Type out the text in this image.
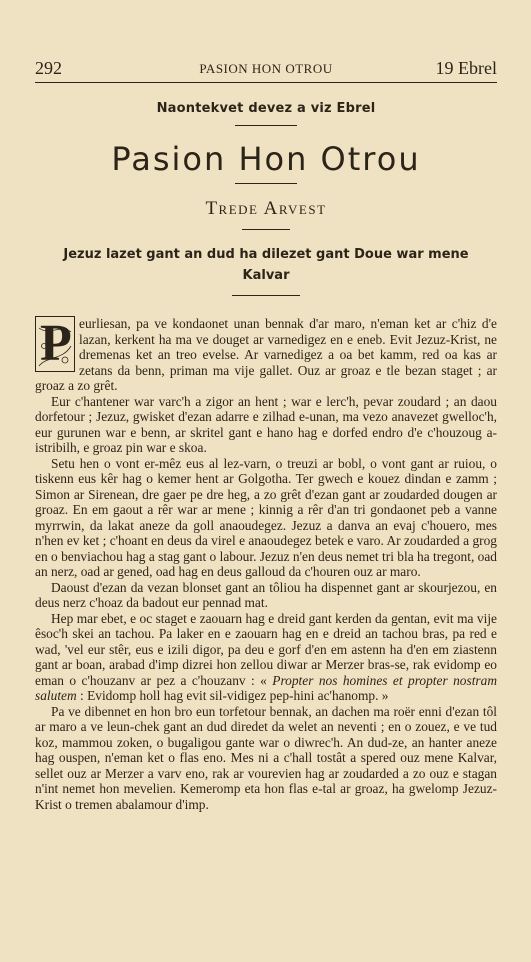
292	PASION HON OTROU	19 Ebrel
Naontekvet devez a viz Ebrel
Pasion Hon Otrou
Trede Arvest
Jezuz lazet gant an dud ha dilezet gant Doue war mene Kalvar

P eurliesan, pa ve kondaonet unan bennak d'ar maro, n'eman ket ar c'hiz d'e lazan, kerkent ha ma ve douget ar varnedigez en e eneb. Evit Jezuz-Krist, ne dremenas ket an treo evelse. Ar varnedigez a oa bet kamm, red oa kas ar zetans da benn, priman ma vije gallet. Ouz ar groaz e tle bezan staget ; ar groaz a zo grêt.

Eur c'hantener war varc'h a zigor an hent ; war e lerc'h, pevar zoudard ; an daou dorfetour ; Jezuz, gwisket d'ezan adarre e zilhad e-unan, ma vezo anavezet gwelloc'h, eur gurunen war e benn, ar skritel gant e hano hag e dorfed endro d'e c'houzoug a-istribilh, e groaz pin war e skoa.

Setu hen o vont er-mêz eus al lez-varn, o treuzi ar bobl, o vont gant ar ruiou, o tiskenn eus kêr hag o kemer hent ar Golgotha. Ter gwech e kouez dindan e zamm ; Simon ar Sirenean, dre gaer pe dre heg, a zo grêt d'ezan gant ar zoudarded dougen ar groaz. En em gaout a rêr war ar mene ; kinnig a rêr d'an tri gondaonet peb a vanne myrrwin, da lakat aneze da goll anaoudegez. Jezuz a danva an evaj c'houero, mes n'hen ev ket ; c'hoant en deus da virel e anaoudegez betek e varo. Ar zoudarded a grog en o benviachou hag a stag gant o labour. Jezuz n'en deus nemet tri bla ha tregont, oad an nerz, oad ar gened, oad hag en deus galloud da c'houren ouz ar maro.

Daoust d'ezan da vezan blonset gant an tôliou ha dispennet gant ar skourjezou, en deus nerz c'hoaz da badout eur pennad mat.

Hep mar ebet, e oc staget e zaouarn hag e dreid gant kerden da gentan, evit ma vije êsoc'h skei an tachou. Pa laker en e zaouarn hag en e dreid an tachou bras, pa red e wad, 'vel eur stêr, eus e izili digor, pa deu e gorf d'en em astenn ha d'en em ziastenn gant ar boan, arabad d'imp dizrei hon zellou diwar ar Merzer bras-se, rak evidomp eo eman o c'houzanv ar pez a c'houzanv : « Propter nos homines et propter nostram salutem : Evidomp holl hag evit sil-vidigez pep-hini ac'hanomp. »

Pa ve dibennet en hon bro eun torfetour bennak, an dachen ma roër enni d'ezan tôl ar maro a ve leun-chek gant an dud diredet da welet an neventi ; en o zouez, e ve tud koz, mammou zoken, o bugaligou gante war o diwrec'h. An dud-ze, an hanter aneze hag ouspen, n'eman ket o flas eno. Mes ni a c'hall tostât a spered ouz mene Kalvar, sellet ouz ar Merzer a varv eno, rak ar vourevien hag ar zoudarded a zo ouz e stagan n'int nemet hon mevelien. Kemeromp eta hon flas e-tal ar groaz, ha gwelomp Jezuz-Krist o tremen abalamour d'imp.
